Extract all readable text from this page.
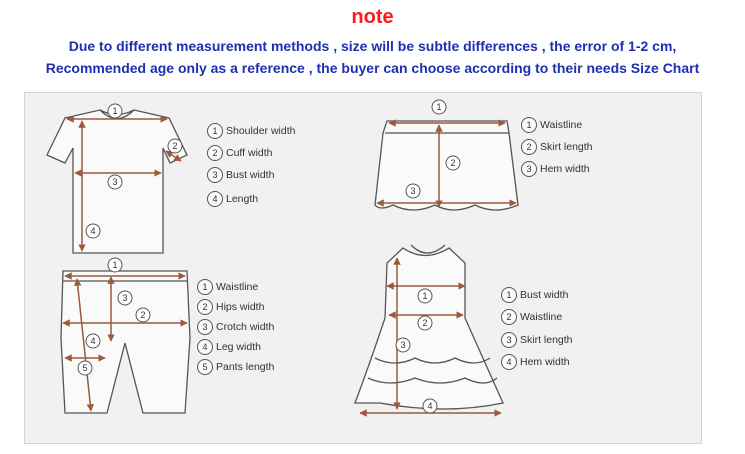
note
Due to different measurement methods , size will be subtle differences , the error of 1-2 cm,
Recommended age only as a reference , the buyer can choose according to their needs Size Chart
1
2
3
4
1
2
3
4
5
1
2
3
1
2
3
4
1 Shoulder width
2 Cuff width
3 Bust width
4 Length
1 Waistline
2 Skirt length
3 Hem width
1 Waistline
2 Hips width
3 Crotch width
4 Leg width
5 Pants length
1 Bust width
2 Waistline
3 Skirt length
4 Hem width
